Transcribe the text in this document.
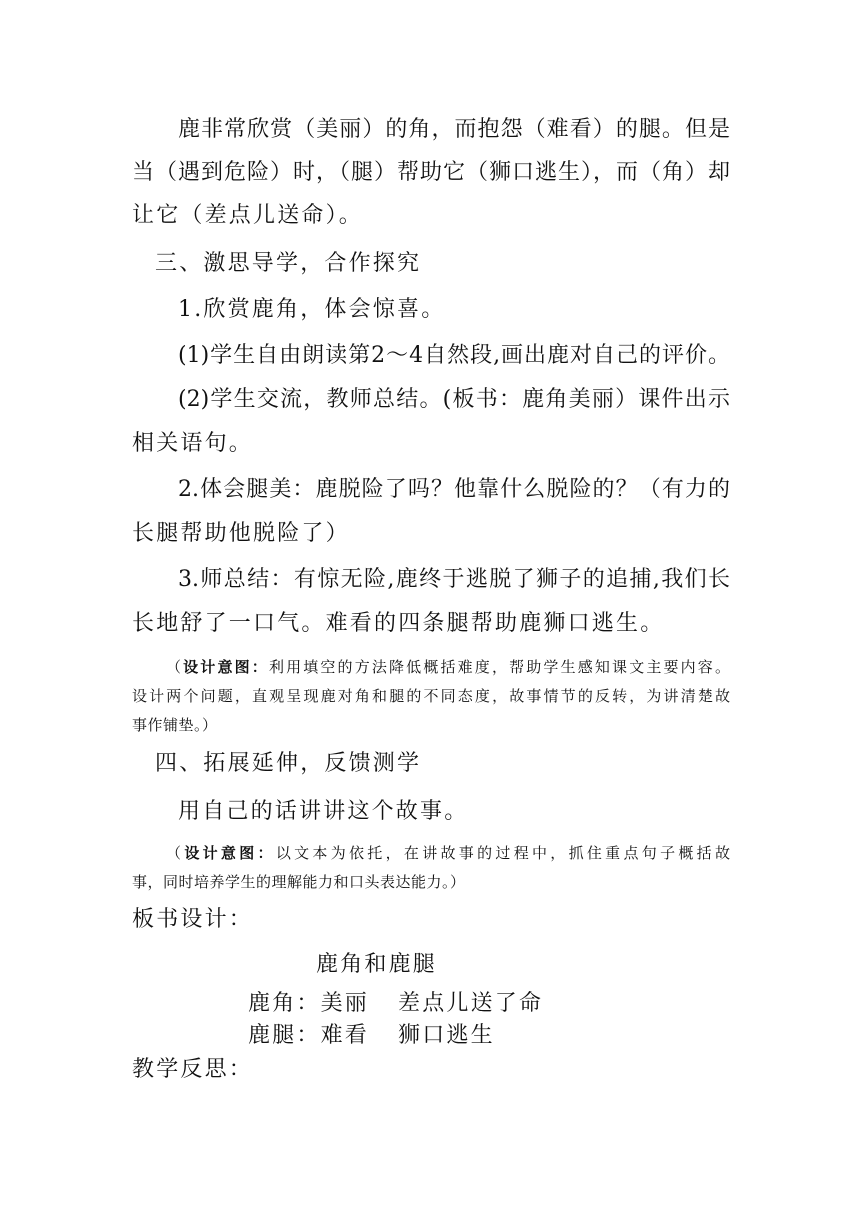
鹿非常欣赏（美丽）的角，而抱怨（难看）的腿。但是
当（遇到危险）时，（腿）帮助它（狮口逃生），而（角）却
让它（差点儿送命）。
三、激思导学，合作探究
1.欣赏鹿角，体会惊喜。
(1)学生自由朗读第2～4自然段,画出鹿对自己的评价。
(2)学生交流，教师总结。(板书：鹿角美丽）课件出示
相关语句。
2.体会腿美：鹿脱险了吗？他靠什么脱险的？（有力的
长腿帮助他脱险了）
3.师总结：有惊无险,鹿终于逃脱了狮子的追捕,我们长
长地舒了一口气。难看的四条腿帮助鹿狮口逃生。
（设计意图：利用填空的方法降低概括难度，帮助学生感知课文主要内容。
设计两个问题，直观呈现鹿对角和腿的不同态度，故事情节的反转，为讲清楚故
事作铺垫。）
四、拓展延伸，反馈测学
用自己的话讲讲这个故事。
（设计意图：以文本为依托，在讲故事的过程中，抓住重点句子概括故
事，同时培养学生的理解能力和口头表达能力。）
板书设计：
鹿角和鹿腿
鹿角：美丽 差点儿送了命
鹿腿：难看 狮口逃生
教学反思：
